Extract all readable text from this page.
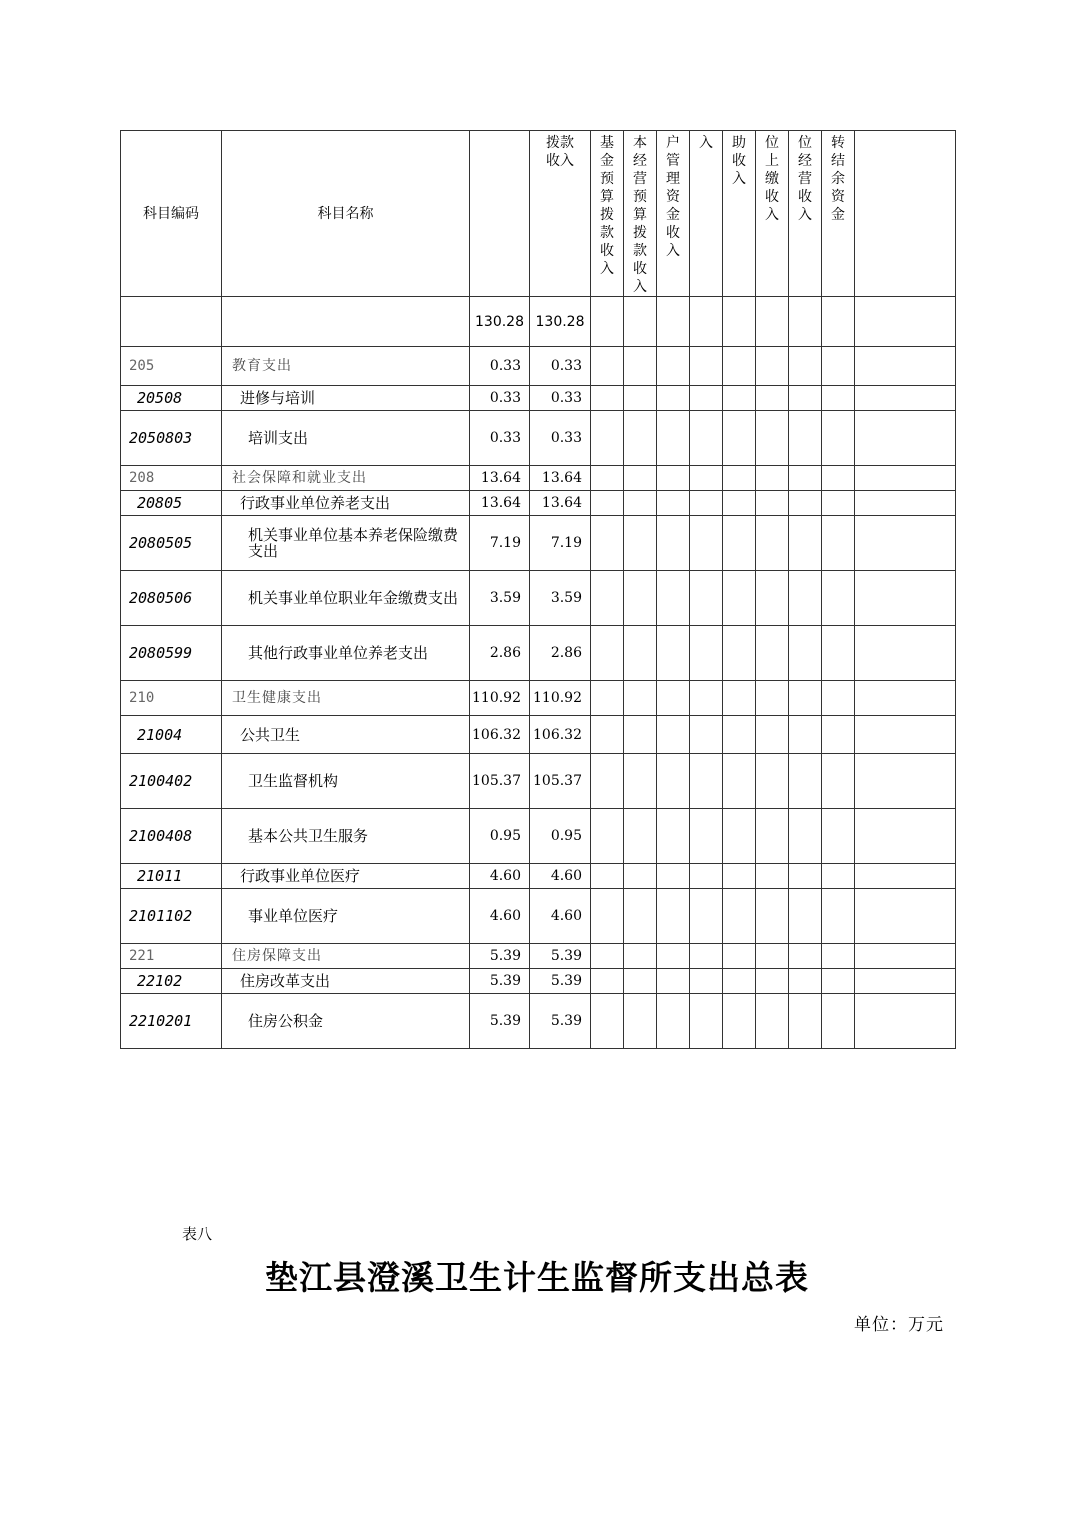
科目编码	科目名称		拨款收入	基金预算拨款收入	本经营预算拨款收入	户管理资金收入	入	助收入	位上缴收入	位经营收入	转结余资金	

		130.28	130.28									
205	教育支出	0.33	0.33									
20508	进修与培训	0.33	0.33									
2050803	培训支出	0.33	0.33									
208	社会保障和就业支出	13.64	13.64									
20805	行政事业单位养老支出	13.64	13.64									
2080505	机关事业单位基本养老保险缴费支出	7.19	7.19									
2080506	机关事业单位职业年金缴费支出	3.59	3.59									
2080599	其他行政事业单位养老支出	2.86	2.86									
210	卫生健康支出	110.92	110.92									
21004	公共卫生	106.32	106.32									
2100402	卫生监督机构	105.37	105.37									
2100408	基本公共卫生服务	0.95	0.95									
21011	行政事业单位医疗	4.60	4.60									
2101102	事业单位医疗	4.60	4.60									
221	住房保障支出	5.39	5.39									
22102	住房改革支出	5.39	5.39									
2210201	住房公积金	5.39	5.39									
表八
垫江县澄溪卫生计生监督所支出总表
单位：万元
